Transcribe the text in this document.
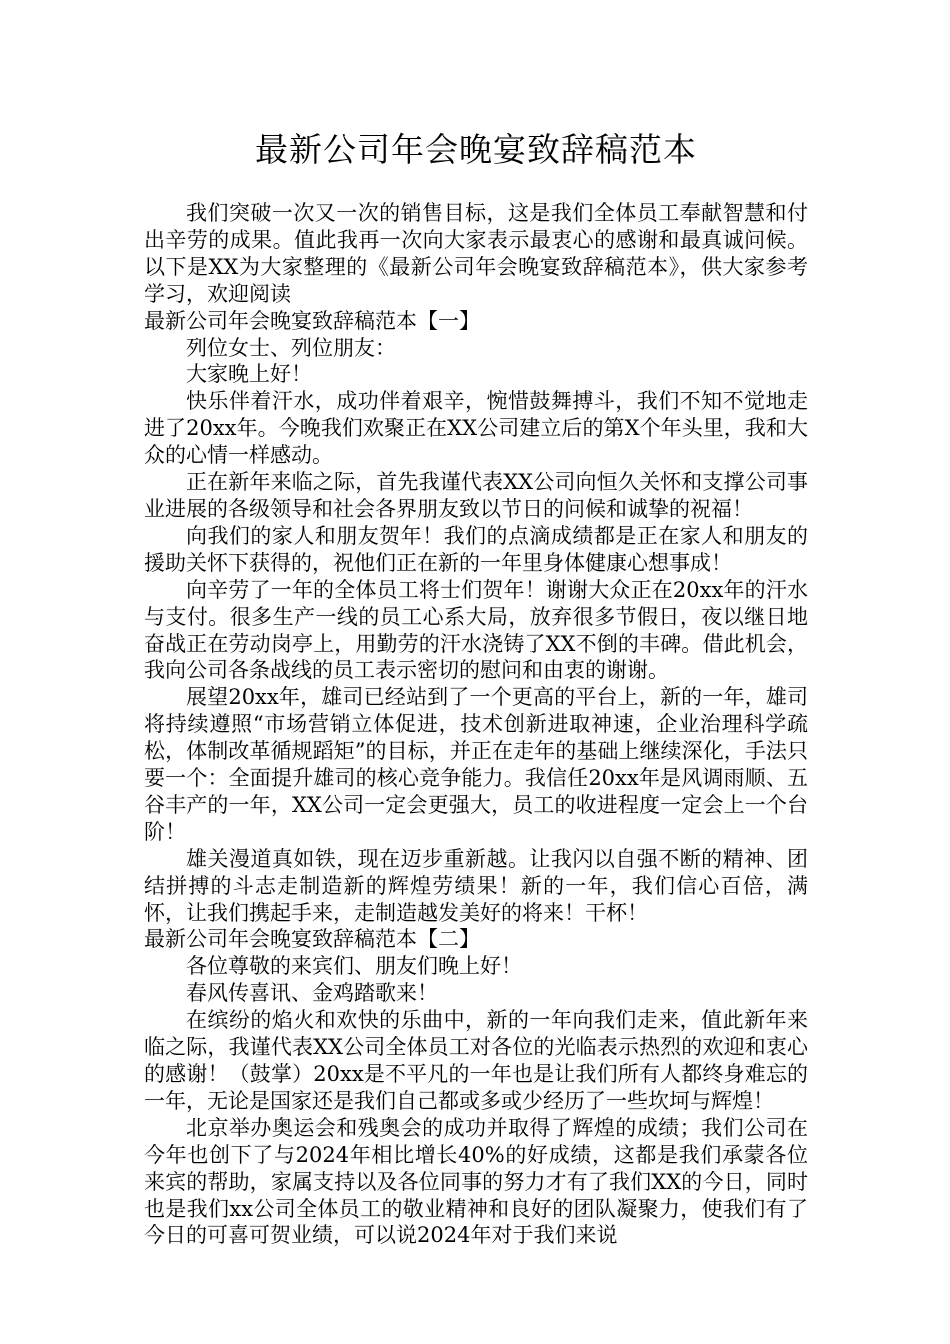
最新公司年会晚宴致辞稿范本

我们突破一次又一次的销售目标，这是我们全体员工奉献智慧和付出辛劳的成果。值此我再一次向大家表示最衷心的感谢和最真诚问候。 以下是XX为大家整理的《最新公司年会晚宴致辞稿范本》，供大家参考学习，欢迎阅读

最新公司年会晚宴致辞稿范本【一】

列位女士、列位朋友：

大家晚上好！

快乐伴着汗水，成功伴着艰辛，惋惜鼓舞搏斗，我们不知不觉地走进了20xx年。今晚我们欢聚正在XX公司建立后的第X个年头里，我和大众的心情一样感动。

正在新年来临之际，首先我谨代表XX公司向恒久关怀和支撑公司事业进展的各级领导和社会各界朋友致以节日的问候和诚挚的祝福！

向我们的家人和朋友贺年！我们的点滴成绩都是正在家人和朋友的援助关怀下获得的，祝他们正在新的一年里身体健康心想事成！

向辛劳了一年的全体员工将士们贺年！谢谢大众正在20xx年的汗水与支付。很多生产一线的员工心系大局，放弃很多节假日，夜以继日地奋战正在劳动岗亭上，用勤劳的汗水浇铸了XX不倒的丰碑。借此机会，我向公司各条战线的员工表示密切的慰问和由衷的谢谢。

展望20xx年，雄司已经站到了一个更高的平台上，新的一年，雄司将持续遵照“市场营销立体促进，技术创新进取神速，企业治理科学疏松，体制改革循规蹈矩”的目标，并正在走年的基础上继续深化，手法只要一个：全面提升雄司的核心竞争能力。我信任20xx年是风调雨顺、五谷丰产的一年，XX公司一定会更强大，员工的收进程度一定会上一个台阶！

雄关漫道真如铁，现在迈步重新越。让我闪以自强不断的精神、团结拼搏的斗志走制造新的辉煌劳绩果！新的一年，我们信心百倍，满怀，让我们携起手来，走制造越发美好的将来！干杯！

最新公司年会晚宴致辞稿范本【二】

各位尊敬的来宾们、朋友们晚上好！

春风传喜讯、金鸡踏歌来！

在缤纷的焰火和欢快的乐曲中，新的一年向我们走来，值此新年来临之际，我谨代表XX公司全体员工对各位的光临表示热烈的欢迎和衷心的感谢！（鼓掌）20xx是不平凡的一年也是让我们所有人都终身难忘的一年，无论是国家还是我们自己都或多或少经历了一些坎坷与辉煌！

北京举办奥运会和残奥会的成功并取得了辉煌的成绩；我们公司在今年也创下了与2024年相比增长40%的好成绩，这都是我们承蒙各位来宾的帮助，家属支持以及各位同事的努力才有了我们XX的今日，同时也是我们xx公司全体员工的敬业精神和良好的团队凝聚力，使我们有了今日的可喜可贺业绩，可以说2024年对于我们来说
